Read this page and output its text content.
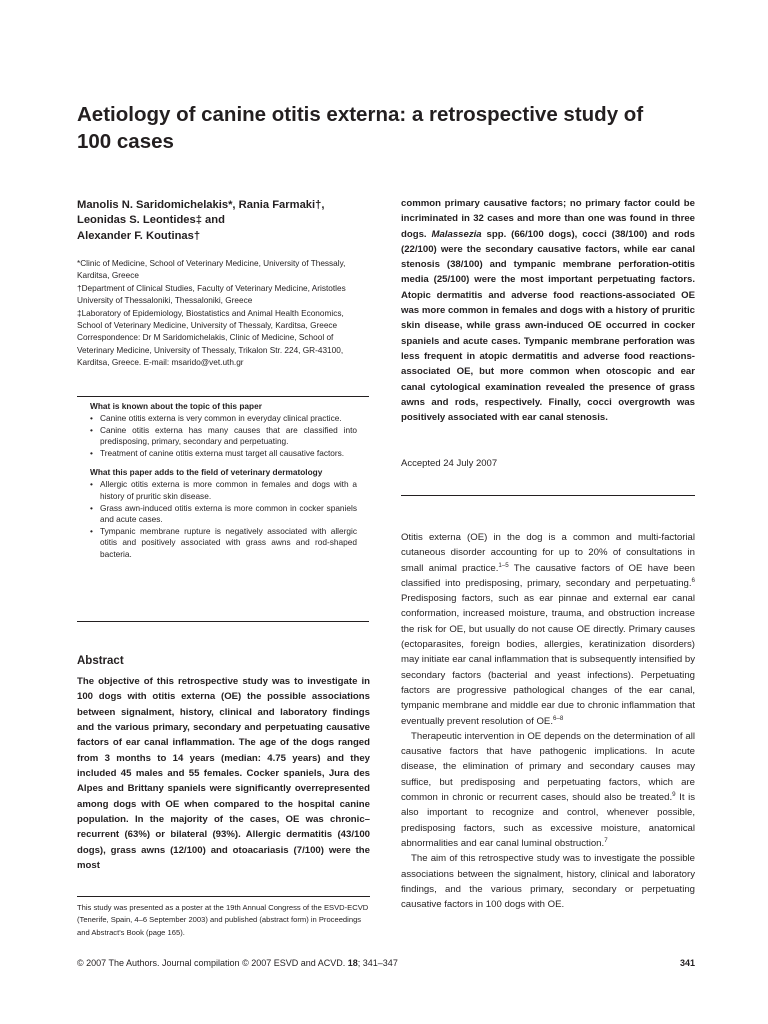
Aetiology of canine otitis externa: a retrospective study of 100 cases
Manolis N. Saridomichelakis*, Rania Farmaki†,
Leonidas S. Leontides‡ and
Alexander F. Koutinas†

*Clinic of Medicine, School of Veterinary Medicine, University of Thessaly, Karditsa, Greece

†Department of Clinical Studies, Faculty of Veterinary Medicine, Aristotles University of Thessaloniki, Thessaloniki, Greece

‡Laboratory of Epidemiology, Biostatistics and Animal Health Economics, School of Veterinary Medicine, University of Thessaly, Karditsa, Greece

Correspondence: Dr M Saridomichelakis, Clinic of Medicine, School of Veterinary Medicine, University of Thessaly, Trikalon Str. 224, GR-43100, Karditsa, Greece. E-mail: msarido@vet.uth.gr

What is known about the topic of this paper
• Canine otitis externa is very common in everyday clinical practice.
• Canine otitis externa has many causes that are classified into predisposing, primary, secondary and perpetuating.
• Treatment of canine otitis externa must target all causative factors.
What this paper adds to the field of veterinary dermatology
• Allergic otitis externa is more common in females and dogs with a history of pruritic skin disease.
• Grass awn-induced otitis externa is more common in cocker spaniels and acute cases.
• Tympanic membrane rupture is negatively associated with allergic otitis and positively associated with grass awns and rod-shaped bacteria.
Abstract

The objective of this retrospective study was to investigate in 100 dogs with otitis externa (OE) the possible associations between signalment, history, clinical and laboratory findings and the various primary, secondary and perpetuating causative factors of ear canal inflammation. The age of the dogs ranged from 3 months to 14 years (median: 4.75 years) and they included 45 males and 55 females. Cocker spaniels, Jura des Alpes and Brittany spaniels were significantly overrepresented among dogs with OE when compared to the hospital canine population. In the majority of the cases, OE was chronic–recurrent (63%) or bilateral (93%). Allergic dermatitis (43/100 dogs), grass awns (12/100) and otoacariasis (7/100) were the most

common primary causative factors; no primary factor could be incriminated in 32 cases and more than one was found in three dogs. Malassezia spp. (66/100 dogs), cocci (38/100) and rods (22/100) were the secondary causative factors, while ear canal stenosis (38/100) and tympanic membrane perforation-otitis media (25/100) were the most important perpetuating factors. Atopic dermatitis and adverse food reactions-associated OE was more common in females and dogs with a history of pruritic skin disease, while grass awn-induced OE occurred in cocker spaniels and acute cases. Tympanic membrane perforation was less frequent in atopic dermatitis and adverse food reactions-associated OE, but more common when otoscopic and ear canal cytological examination revealed the presence of grass awns and rods, respectively. Finally, cocci overgrowth was positively associated with ear canal stenosis.

Accepted 24 July 2007

This study was presented as a poster at the 19th Annual Congress of the ESVD-ECVD (Tenerife, Spain, 4–6 September 2003) and published (abstract form) in Proceedings and Abstract's Book (page 165).

Otitis externa (OE) in the dog is a common and multi-factorial cutaneous disorder accounting for up to 20% of consultations in small animal practice.$^{1-5}$ The causative factors of OE have been classified into predisposing, primary, secondary and perpetuating.$^6$ Predisposing factors, such as ear pinnae and external ear canal conformation, increased moisture, trauma, and obstruction increase the risk for OE, but usually do not cause OE directly. Primary causes (ectoparasites, foreign bodies, allergies, keratinization disorders) may initiate ear canal inflammation that is subsequently intensified by secondary factors (bacterial and yeast infections). Perpetuating factors are progressive pathological changes of the ear canal, tympanic membrane and middle ear due to chronic inflammation that eventually prevent resolution of OE.$^{6-8}$

Therapeutic intervention in OE depends on the determination of all causative factors that have pathogenic implications. In acute disease, the elimination of primary and secondary causes may suffice, but predisposing and perpetuating factors, which are common in chronic or recurrent cases, should also be treated.$^9$ It is also important to recognize and control, whenever possible, predisposing factors, such as excessive moisture, anatomical abnormalities and ear canal luminal obstruction.$^7$

The aim of this retrospective study was to investigate the possible associations between the signalment, history, clinical and laboratory findings, and the various primary, secondary or perpetuating causative factors in 100 dogs with OE.

© 2007 The Authors. Journal compilation © 2007 ESVD and ACVD. 18; 341–347	341
